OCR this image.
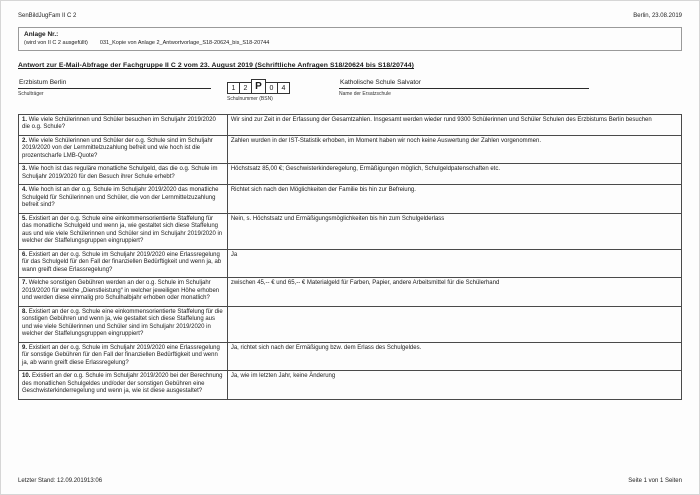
SenBildJugFam II C 2	Berlin, 23.08.2019
Anlage Nr.:
(wird von II C 2 ausgefüllt) 031_Kopie von Anlage 2_Antwortvorlage_S18-20624_bis_S18-20744
Antwort zur E-Mail-Abfrage der Fachgruppe II C 2 vom 23. August 2019 (Schriftliche Anfragen S18/20624 bis S18/20744)
Erzbistum Berlin
Schulträger
1	2 P	0	4
Schulnummer (BSN)
Katholische Schule Salvator
Name der Ersatzschule
1. Wie viele Schülerinnen und Schüler besuchen im Schuljahr 2019/2020 die o.g. Schule?	Wir sind zur Zeit in der Erfassung der Gesamtzahlen. Insgesamt werden wieder rund 9300 Schülerinnen und Schüler Schulen des Erzbistums Berlin besuchen
2. Wie viele Schülerinnen und Schüler der o.g. Schule sind im Schuljahr 2019/2020 von der Lernmittelzuzahlung befreit und wie hoch ist die prozentscharfe LMB-Quote?	Zahlen wurden in der IST-Statistik erhoben, im Moment haben wir noch keine Auswertung der Zahlen vorgenommen.
3. Wie hoch ist das reguläre monatliche Schulgeld, das die o.g. Schule im Schuljahr 2019/2020 für den Besuch ihrer Schule erhebt?	Höchstsatz 85,00 €; Geschwisterkinderegelung, Ermäßigungen möglich, Schulgeldpatenschaften etc.
4. Wie hoch ist an der o.g. Schule im Schuljahr 2019/2020 das monatliche Schulgeld für Schülerinnen und Schüler, die von der Lernmittelzuzahlung befreit sind?	Richtet sich nach den Möglichkeiten der Familie bis hin zur Befreiung.
5. Existiert an der o.g. Schule eine einkommensorientierte Staffelung für das monatliche Schulgeld und wenn ja, wie gestaltet sich diese Staffelung aus und wie viele Schülerinnen und Schüler sind im Schuljahr 2019/2020 in welcher der Staffelungsgruppen eingruppiert?	Nein, s. Höchstsatz und Ermäßigungsmöglichkeiten bis hin zum Schulgelderlass
6. Existiert an der o.g. Schule im Schuljahr 2019/2020 eine Erlassregelung für das Schulgeld für den Fall der finanziellen Bedürftigkeit und wenn ja, ab wann greift diese Erlassregelung?	Ja
7. Welche sonstigen Gebühren werden an der o.g. Schule im Schuljahr 2019/2020 für welche „Dienstleistung“ in welcher jeweiligen Höhe erhoben und werden diese einmalig pro Schulhalbjahr erhoben oder monatlich?	zwischen 45,-- € und 65,-- € Materialgeld für Farben, Papier, andere Arbeitsmittel für die Schülerhand
8. Existiert an der o.g. Schule eine einkommensorientierte Staffelung für die sonstigen Gebühren und wenn ja, wie gestaltet sich diese Staffelung aus und wie viele Schülerinnen und Schüler sind im Schuljahr 2019/2020 in welcher der Staffelungsgruppen eingruppiert?	
9. Existiert an der o.g. Schule im Schuljahr 2019/2020 eine Erlassregelung für sonstige Gebühren für den Fall der finanziellen Bedürftigkeit und wenn ja, ab wann greift diese Erlassregelung?	Ja, richtet sich nach der Ermäßigung bzw. dem Erlass des Schulgeldes.
10. Existiert an der o.g. Schule im Schuljahr 2019/2020 bei der Berechnung des monatlichen Schulgeldes und/oder der sonstigen Gebühren eine Geschwisterkinderregelung und wenn ja, wie ist diese ausgestaltet?	Ja, wie im letzten Jahr, keine Änderung
Letzter Stand: 12.09.201913:06	Seite 1 von 1 Seiten
